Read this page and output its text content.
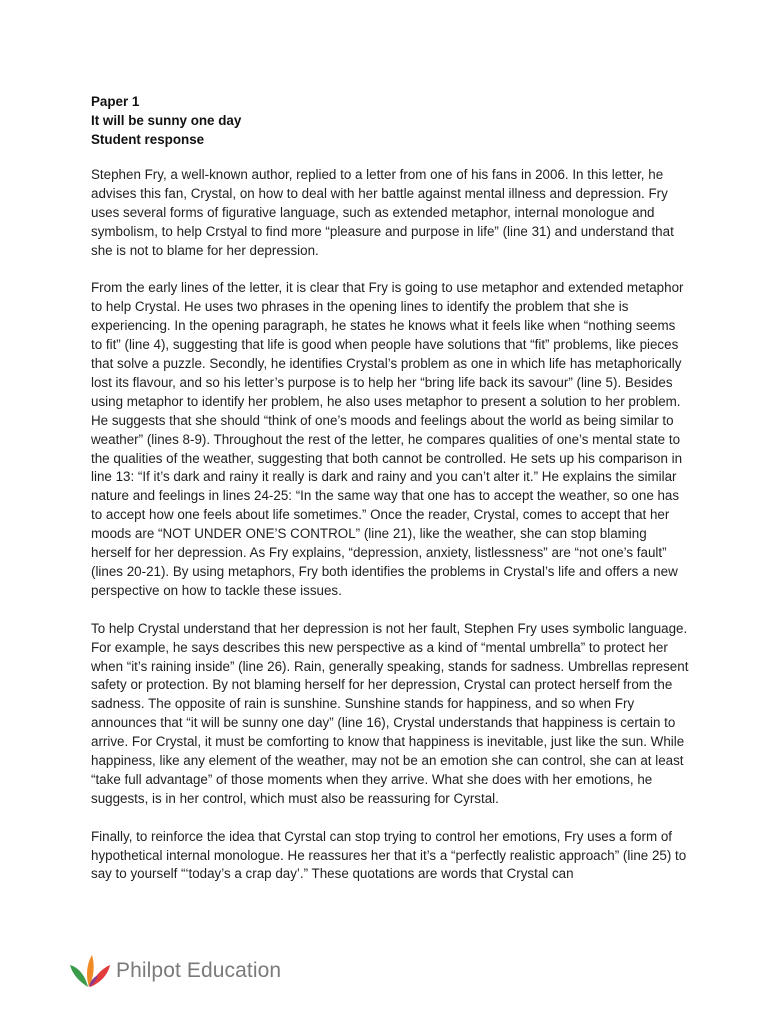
Paper 1

It will be sunny one day

Student response

Stephen Fry, a well-known author, replied to a letter from one of his fans in 2006. In this letter, he advises this fan, Crystal, on how to deal with her battle against mental illness and depression. Fry uses several forms of figurative language, such as extended metaphor, internal monologue and symbolism, to help Crstyal to find more “pleasure and purpose in life” (line 31) and understand that she is not to blame for her depression.

From the early lines of the letter, it is clear that Fry is going to use metaphor and extended metaphor to help Crystal. He uses two phrases in the opening lines to identify the problem that she is experiencing. In the opening paragraph, he states he knows what it feels like when “nothing seems to fit” (line 4), suggesting that life is good when people have solutions that “fit” problems, like pieces that solve a puzzle. Secondly, he identifies Crystal’s problem as one in which life has metaphorically lost its flavour, and so his letter’s purpose is to help her “bring life back its savour” (line 5). Besides using metaphor to identify her problem, he also uses metaphor to present a solution to her problem. He suggests that she should “think of one’s moods and feelings about the world as being similar to weather” (lines 8-9). Throughout the rest of the letter, he compares qualities of one’s mental state to the qualities of the weather, suggesting that both cannot be controlled. He sets up his comparison in line 13: “If it’s dark and rainy it really is dark and rainy and you can’t alter it.” He explains the similar nature and feelings in lines 24-25: “In the same way that one has to accept the weather, so one has to accept how one feels about life sometimes.” Once the reader, Crystal, comes to accept that her moods are “NOT UNDER ONE’S CONTROL” (line 21), like the weather, she can stop blaming herself for her depression. As Fry explains, “depression, anxiety, listlessness” are “not one’s fault” (lines 20-21). By using metaphors, Fry both identifies the problems in Crystal’s life and offers a new perspective on how to tackle these issues.

To help Crystal understand that her depression is not her fault, Stephen Fry uses symbolic language. For example, he says describes this new perspective as a kind of “mental umbrella” to protect her when “it’s raining inside” (line 26). Rain, generally speaking, stands for sadness. Umbrellas represent safety or protection. By not blaming herself for her depression, Crystal can protect herself from the sadness. The opposite of rain is sunshine. Sunshine stands for happiness, and so when Fry announces that “it will be sunny one day” (line 16), Crystal understands that happiness is certain to arrive. For Crystal, it must be comforting to know that happiness is inevitable, just like the sun. While happiness, like any element of the weather, may not be an emotion she can control, she can at least “take full advantage” of those moments when they arrive. What she does with her emotions, he suggests, is in her control, which must also be reassuring for Cyrstal.

Finally, to reinforce the idea that Cyrstal can stop trying to control her emotions, Fry uses a form of hypothetical internal monologue. He reassures her that it’s a “perfectly realistic approach” (line 25) to say to yourself “‘today’s a crap day’.” These quotations are words that Crystal can

Philpot Education
